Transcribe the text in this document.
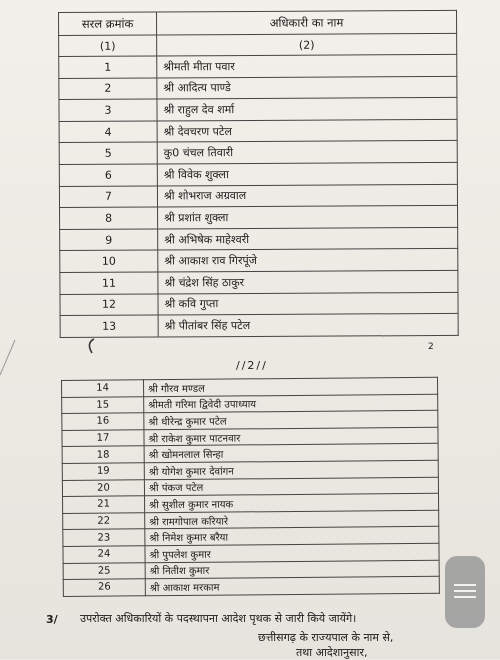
सरल क्रमांक	अधिकारी का नाम
(1)	(2)
1	श्रीमती मीता पवार
2	श्री आदित्य पाण्डे
3	श्री राहुल देव शर्मा
4	श्री देवचरण पटेल
5	कु0 चंचल तिवारी
6	श्री विवेक शुक्ला
7	श्री शोभराज अग्रवाल
8	श्री प्रशांत शुक्ला
9	श्री अभिषेक माहेश्वरी
10	श्री आकाश राव गिरपूंजे
11	श्री चंद्रेश सिंह ठाकुर
12	श्री कवि गुप्ता
13	श्री पीतांबर सिंह पटेल
2
//2//
14	श्री गौरव मण्डल
15	श्रीमती गरिमा द्विवेदी उपाध्याय
16	श्री धीरेन्द्र कुमार पटेल
17	श्री राकेश कुमार पाटनवार
18	श्री खोमनलाल सिन्हा
19	श्री योगेश कुमार देवांगन
20	श्री पंकज पटेल
21	श्री सुशील कुमार नायक
22	श्री रामगोपाल करियारे
23	श्री निमेश कुमार बरैया
24	श्री पुपलेश कुमार
25	श्री नितीश कुमार
26	श्री आकाश मरकाम
3/ उपरोक्त अधिकारियों के पदस्थापना आदेश पृथक से जारी किये जायेंगे।
छत्तीसगढ़ के राज्यपाल के नाम से,
तथा आदेशानुसार,
